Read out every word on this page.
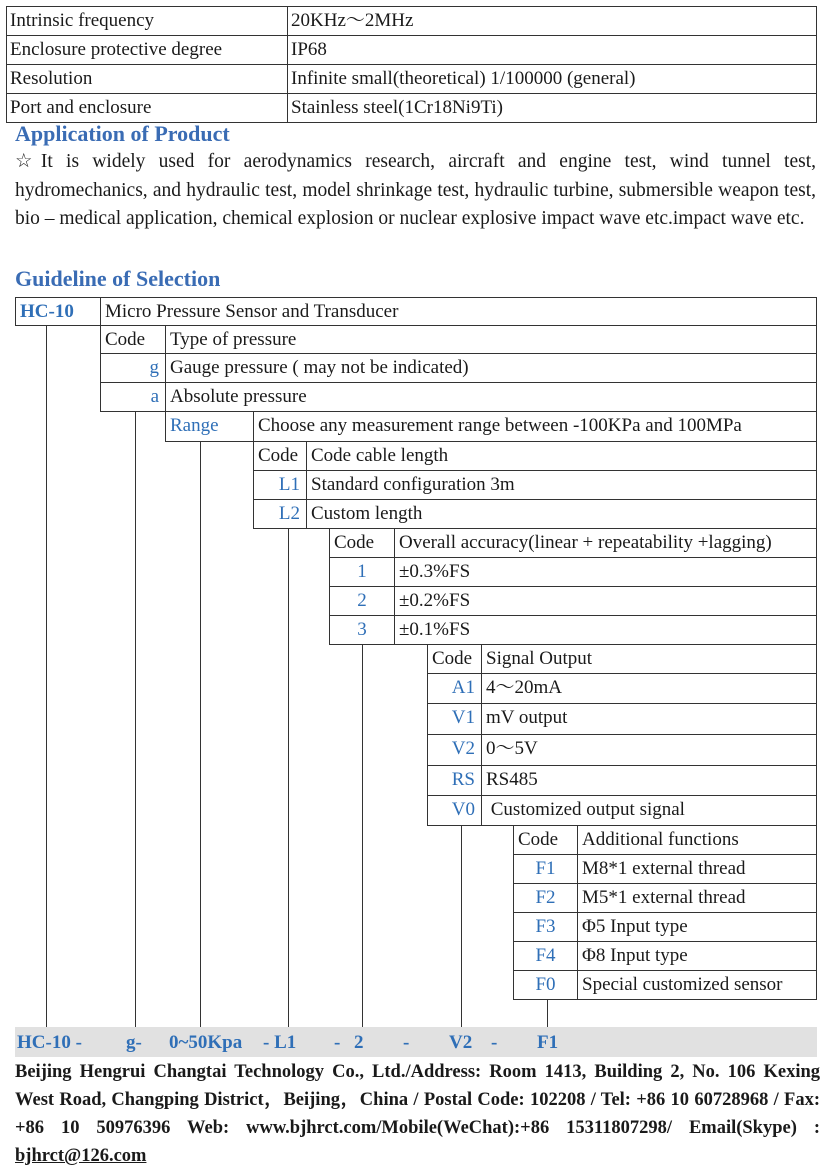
Intrinsic frequency	20KHz～2MHz
Enclosure protective degree	IP68
Resolution	Infinite small(theoretical) 1/100000 (general)
Port and enclosure	Stainless steel(1Cr18Ni9Ti)
Application of Product
☆It is widely used for aerodynamics research, aircraft and engine test, wind tunnel test, hydromechanics, and hydraulic test, model shrinkage test, hydraulic turbine, submersible weapon test, bio – medical application, chemical explosion or nuclear explosive impact wave etc.impact wave etc.
Guideline of Selection
HC-10	Micro Pressure Sensor and Transducer
Code	Type of pressure
g Gauge pressure ( may not be indicated)
a Absolute pressure
Range	Choose any measurement range between -100KPa and 100MPa
Code Code cable length
L1 Standard configuration 3m
L2 Custom length
Code	Overall accuracy(linear + repeatability +lagging)
1	±0.3%FS
2	±0.2%FS
3	±0.1%FS
Code Signal Output
A1 4～20mA
V1 mV output
V2 0～5V
RS RS485
V0 Customized output signal
Code	Additional functions
F1	M8*1 external thread
F2	M5*1 external thread
F3	Φ5 Input type
F4	Φ8 Input type
F0	Special customized sensor
HC-10 - g- 0~50Kpa - L1 - 2 - V2 - F1
Beijing Hengrui Changtai Technology Co., Ltd./Address: Room 1413, Building 2, No. 106 Kexing West Road, Changping District，Beijing，China / Postal Code: 102208 / Tel: +86 10 60728968 / Fax: +86 10 50976396 Web: www.bjhrct.com/Mobile(WeChat):+86 15311807298/ Email(Skype) : bjhrct@126.com
